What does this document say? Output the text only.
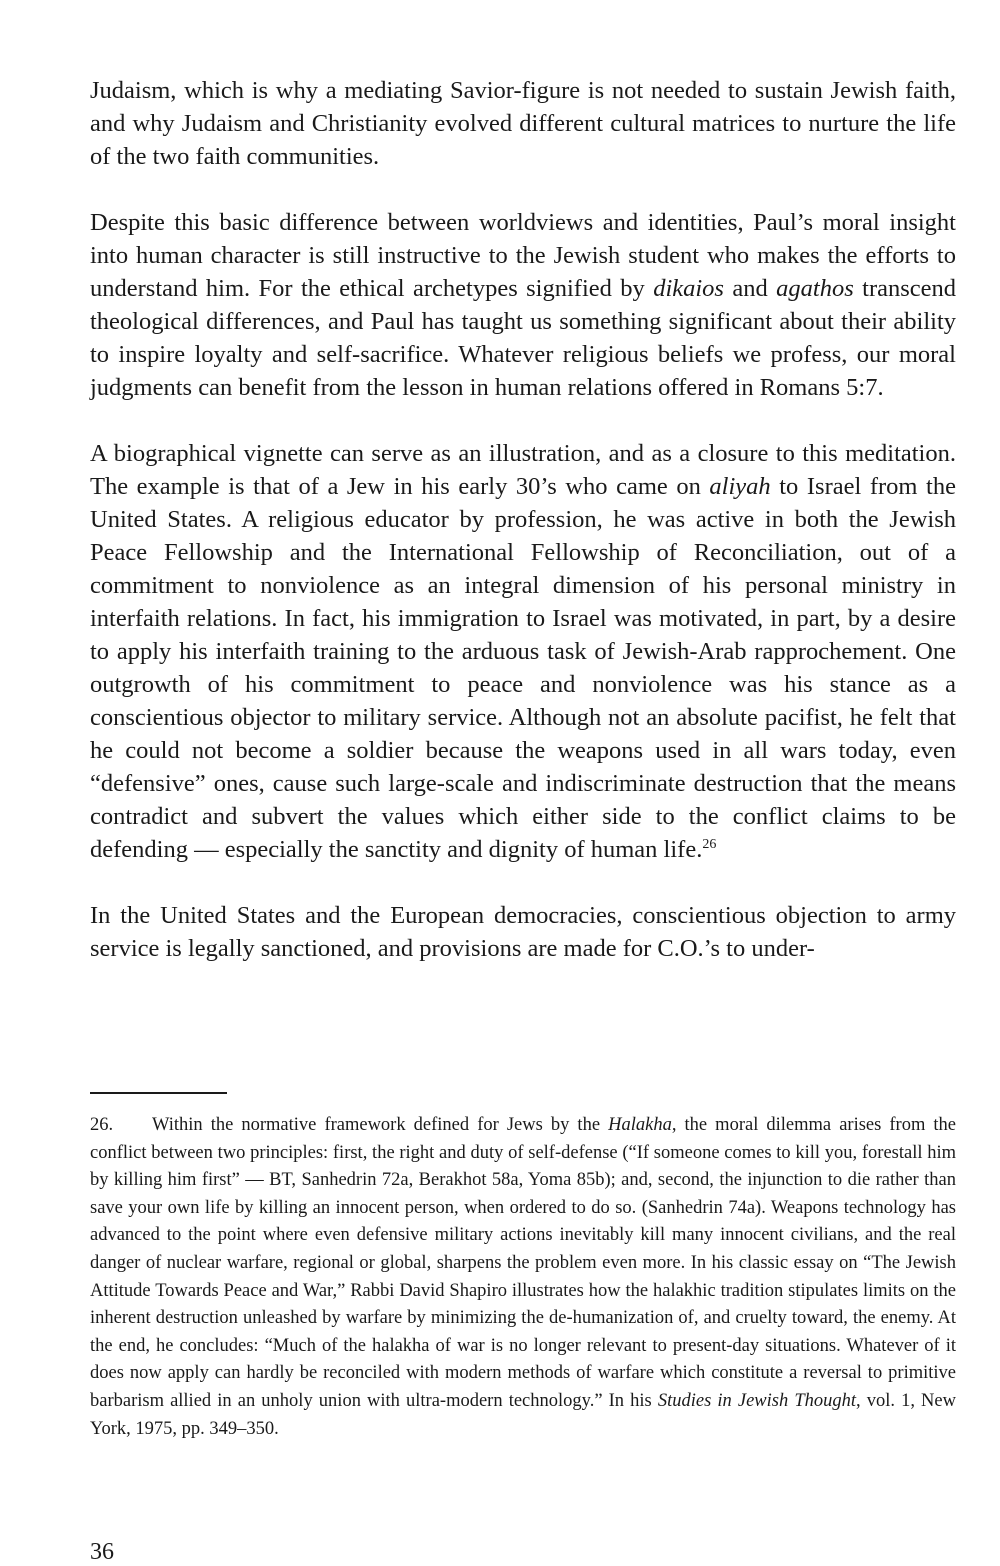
Judaism, which is why a mediating Savior-figure is not needed to sustain Jewish faith, and why Judaism and Christianity evolved different cultural matrices to nurture the life of the two faith communities.

Despite this basic difference between worldviews and identities, Paul’s moral insight into human character is still instructive to the Jewish student who makes the efforts to understand him. For the ethical archetypes signified by dikaios and agathos transcend theological differences, and Paul has taught us something significant about their ability to inspire loyalty and self-sacrifice. Whatever religious beliefs we profess, our moral judgments can benefit from the lesson in human relations offered in Romans 5:7.

A biographical vignette can serve as an illustration, and as a closure to this meditation. The example is that of a Jew in his early 30’s who came on aliyah to Israel from the United States. A religious educator by profession, he was active in both the Jewish Peace Fellowship and the International Fellowship of Reconciliation, out of a commitment to nonviolence as an integral dimension of his personal ministry in interfaith relations. In fact, his immigration to Israel was motivated, in part, by a desire to apply his interfaith training to the arduous task of Jewish-Arab rapprochement. One outgrowth of his commitment to peace and nonviolence was his stance as a conscientious objector to military service. Although not an absolute pacifist, he felt that he could not become a soldier because the weapons used in all wars today, even “defensive” ones, cause such large-scale and indiscriminate destruction that the means contradict and subvert the values which either side to the conflict claims to be defending — especially the sanctity and dignity of human life.$^{26}$

In the United States and the European democracies, conscientious objection to army service is legally sanctioned, and provisions are made for C.O.’s to under-

26. Within the normative framework defined for Jews by the Halakha, the moral dilemma arises from the conflict between two principles: first, the right and duty of self-defense (“If someone comes to kill you, forestall him by killing him first” — BT, Sanhedrin 72a, Berakhot 58a, Yoma 85b); and, second, the injunction to die rather than save your own life by killing an innocent person, when ordered to do so. (Sanhedrin 74a). Weapons technology has advanced to the point where even defensive military actions inevitably kill many innocent civilians, and the real danger of nuclear warfare, regional or global, sharpens the problem even more. In his classic essay on “The Jewish Attitude Towards Peace and War,” Rabbi David Shapiro illustrates how the halakhic tradition stipulates limits on the inherent destruction unleashed by warfare by minimizing the de-humanization of, and cruelty toward, the enemy. At the end, he concludes: “Much of the halakha of war is no longer relevant to present-day situations. Whatever of it does now apply can hardly be reconciled with modern methods of warfare which constitute a reversal to primitive barbarism allied in an unholy union with ultra-modern technology.” In his Studies in Jewish Thought, vol. 1, New York, 1975, pp. 349–350.

36
